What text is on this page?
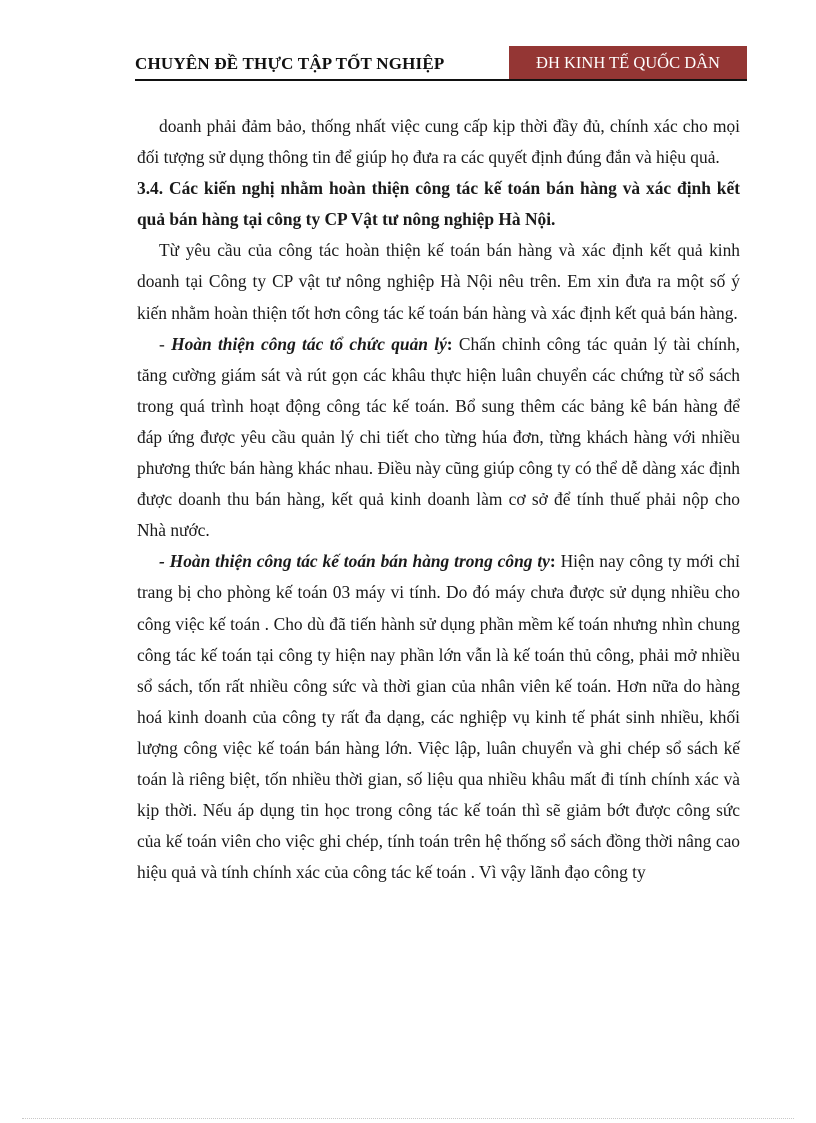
CHUYÊN ĐỀ THỰC TẬP TỐT NGHIỆP	ĐH KINH TẾ QUỐC DÂN

doanh phải đảm bảo, thống nhất việc cung cấp kịp thời đầy đủ, chính xác cho mọi đối tượng sử dụng thông tin để giúp họ đưa ra các quyết định đúng đắn và hiệu quả.

3.4. Các kiến nghị nhằm hoàn thiện công tác kế toán bán hàng và xác định kết quả bán hàng tại công ty CP Vật tư nông nghiệp Hà Nội.

Từ yêu cầu của công tác hoàn thiện kế toán bán hàng và xác định kết quả kinh doanh tại Công ty CP vật tư nông nghiệp Hà Nội nêu trên. Em xin đưa ra một số ý kiến nhằm hoàn thiện tốt hơn công tác kế toán bán hàng và xác định kết quả bán hàng.

- Hoàn thiện công tác tổ chức quản lý: Chấn chỉnh công tác quản lý tài chính, tăng cường giám sát và rút gọn các khâu thực hiện luân chuyển các chứng từ sổ sách trong quá trình hoạt động công tác kế toán. Bổ sung thêm các bảng kê bán hàng để đáp ứng được yêu cầu quản lý chi tiết cho từng húa đơn, từng khách hàng với nhiều phương thức bán hàng khác nhau. Điều này cũng giúp công ty có thể dễ dàng xác định được doanh thu bán hàng, kết quả kinh doanh làm cơ sở để tính thuế phải nộp cho Nhà nước.

- Hoàn thiện công tác kế toán bán hàng trong công ty: Hiện nay công ty mới chỉ trang bị cho phòng kế toán 03 máy vi tính. Do đó máy chưa được sử dụng nhiều cho công việc kế toán . Cho dù đã tiến hành sử dụng phần mềm kế toán nhưng nhìn chung công tác kế toán tại công ty hiện nay phần lớn vẫn là kế toán thủ công, phải mở nhiều sổ sách, tốn rất nhiều công sức và thời gian của nhân viên kế toán. Hơn nữa do hàng hoá kinh doanh của công ty rất đa dạng, các nghiệp vụ kinh tế phát sinh nhiều, khối lượng công việc kế toán bán hàng lớn. Việc lập, luân chuyển và ghi chép sổ sách kế toán là riêng biệt, tốn nhiều thời gian, số liệu qua nhiều khâu mất đi tính chính xác và kịp thời. Nếu áp dụng tin học trong công tác kế toán thì sẽ giảm bớt được công sức của kế toán viên cho việc ghi chép, tính toán trên hệ thống sổ sách đồng thời nâng cao hiệu quả và tính chính xác của công tác kế toán . Vì vậy lãnh đạo công ty
